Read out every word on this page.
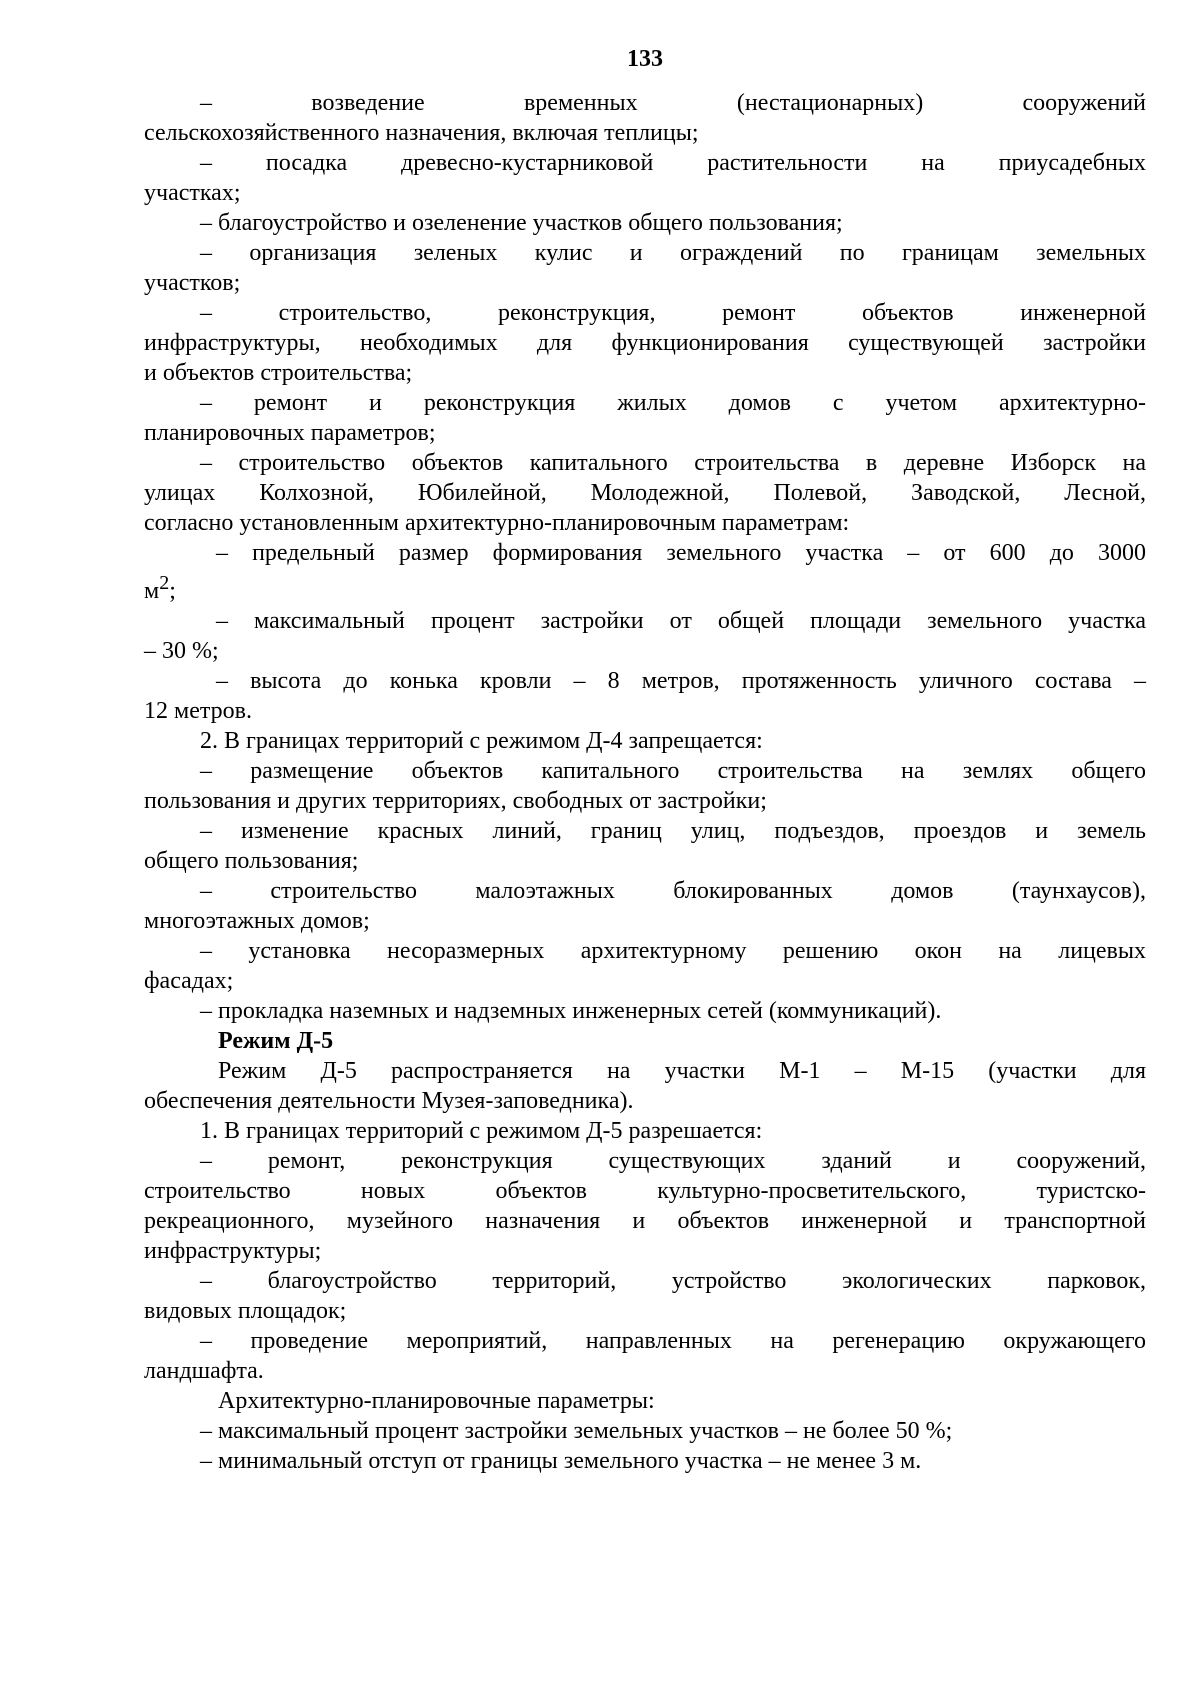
133

– возведение временных (нестационарных) сооружений

сельскохозяйственного назначения, включая теплицы;

– посадка древесно-кустарниковой растительности на приусадебных

участках;

– благоустройство и озеленение участков общего пользования;

– организация зеленых кулис и ограждений по границам земельных

участков;

– строительство, реконструкция, ремонт объектов инженерной

инфраструктуры, необходимых для функционирования существующей застройки

и объектов строительства;

– ремонт и реконструкция жилых домов с учетом архитектурно-

планировочных параметров;

– строительство объектов капитального строительства в деревне Изборск на

улицах Колхозной, Юбилейной, Молодежной, Полевой, Заводской, Лесной,

согласно установленным архитектурно-планировочным параметрам:

– предельный размер формирования земельного участка – от 600 до 3000

$м^2$;

– максимальный процент застройки от общей площади земельного участка

– 30 %;

– высота до конька кровли – 8 метров, протяженность уличного состава –

12 метров.

2. В границах территорий с режимом Д-4 запрещается:

– размещение объектов капитального строительства на землях общего

пользования и других территориях, свободных от застройки;

– изменение красных линий, границ улиц, подъездов, проездов и земель

общего пользования;

– строительство малоэтажных блокированных домов (таунхаусов),

многоэтажных домов;

– установка несоразмерных архитектурному решению окон на лицевых

фасадах;

– прокладка наземных и надземных инженерных сетей (коммуникаций).

Режим Д-5

Режим Д-5 распространяется на участки М-1 – М-15 (участки для

обеспечения деятельности Музея-заповедника).

1. В границах территорий с режимом Д-5 разрешается:

– ремонт, реконструкция существующих зданий и сооружений,

строительство новых объектов культурно-просветительского, туристско-

рекреационного, музейного назначения и объектов инженерной и транспортной

инфраструктуры;

– благоустройство территорий, устройство экологических парковок,

видовых площадок;

– проведение мероприятий, направленных на регенерацию окружающего

ландшафта.

Архитектурно-планировочные параметры:

– максимальный процент застройки земельных участков – не более 50 %;

– минимальный отступ от границы земельного участка – не менее 3 м.
